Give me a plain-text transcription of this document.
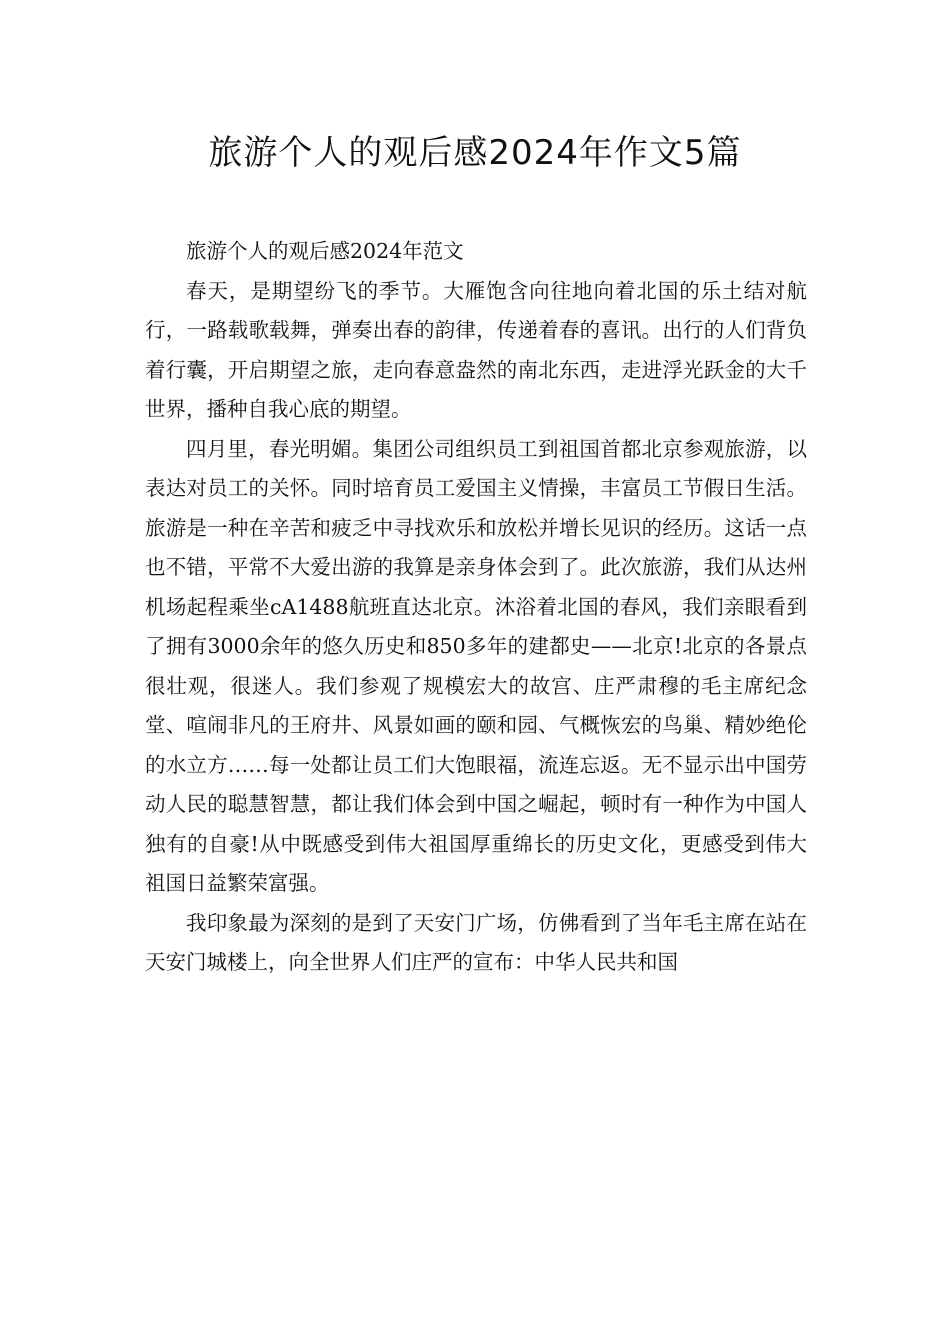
旅游个人的观后感2024年作文5篇

旅游个人的观后感2024年范文

春天，是期望纷飞的季节。大雁饱含向往地向着北国的乐土结对航行，一路载歌载舞，弹奏出春的韵律，传递着春的喜讯。出行的人们背负着行囊，开启期望之旅，走向春意盎然的南北东西，走进浮光跃金的大千世界，播种自我心底的期望。

四月里，春光明媚。集团公司组织员工到祖国首都北京参观旅游，以表达对员工的关怀。同时培育员工爱国主义情操，丰富员工节假日生活。旅游是一种在辛苦和疲乏中寻找欢乐和放松并增长见识的经历。这话一点也不错，平常不大爱出游的我算是亲身体会到了。此次旅游，我们从达州机场起程乘坐cA1488航班直达北京。沐浴着北国的春风，我们亲眼看到了拥有3000余年的悠久历史和850多年的建都史——北京!北京的各景点很壮观，很迷人。我们参观了规模宏大的故宫、庄严肃穆的毛主席纪念堂、喧闹非凡的王府井、风景如画的颐和园、气概恢宏的鸟巢、精妙绝伦的水立方……每一处都让员工们大饱眼福，流连忘返。无不显示出中国劳动人民的聪慧智慧，都让我们体会到中国之崛起，顿时有一种作为中国人独有的自豪!从中既感受到伟大祖国厚重绵长的历史文化，更感受到伟大祖国日益繁荣富强。

我印象最为深刻的是到了天安门广场，仿佛看到了当年毛主席在站在天安门城楼上，向全世界人们庄严的宣布：中华人民共和国
